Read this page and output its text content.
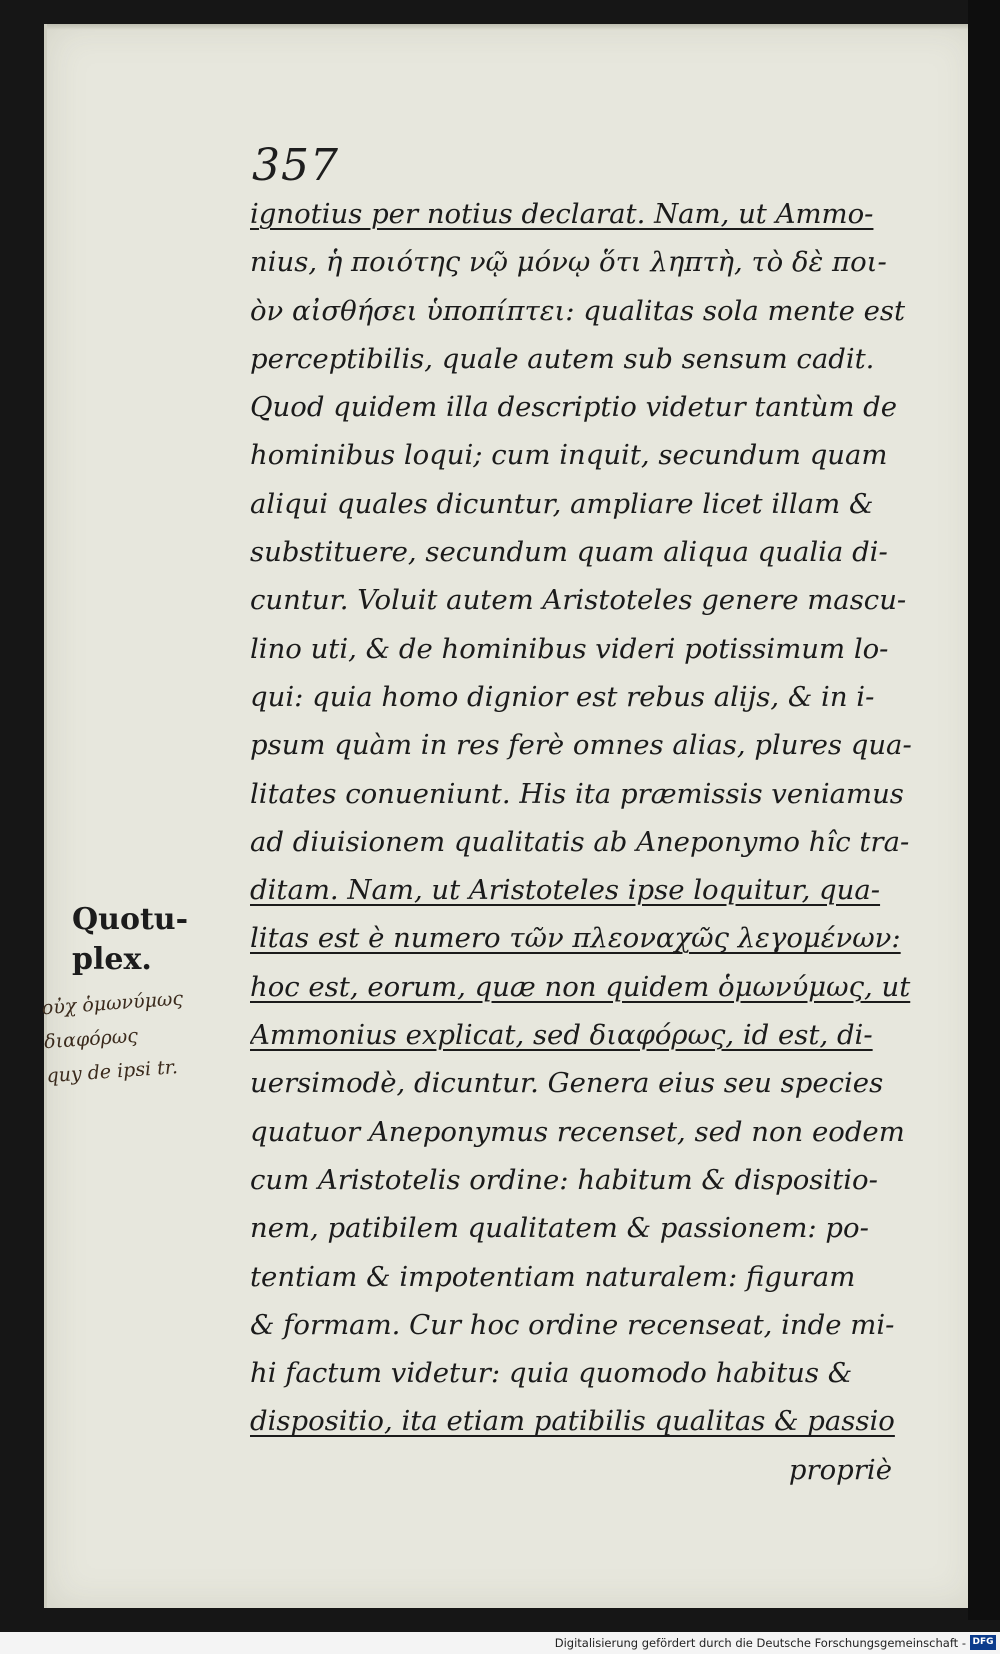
357
ignotius per notius declarat. Nam, ut Ammo-
nius, ἡ ποιότης νῷ μόνῳ ὅτι ληπτὴ, τὸ δὲ ποι-
ὸν αἰσθήσει ὑποπίπτει: qualitas sola mente est
perceptibilis, quale autem sub sensum cadit.
Quod quidem illa descriptio videtur tantùm de
hominibus loqui; cum inquit, secundum quam
aliqui quales dicuntur, ampliare licet illam &
substituere, secundum quam aliqua qualia di-
cuntur. Voluit autem Aristoteles genere mascu-
lino uti, & de hominibus videri potissimum lo-
qui: quia homo dignior est rebus alijs, & in i-
psum quàm in res ferè omnes alias, plures qua-
litates conueniunt. His ita præmissis veniamus
ad diuisionem qualitatis ab Aneponymo hîc tra-
ditam. Nam, ut Aristoteles ipse loquitur, qua-
litas est è numero τῶν πλεοναχῶς λεγομένων:
hoc est, eorum, quæ non quidem ὁμωνύμως, ut
Ammonius explicat, sed διαφόρως, id est, di-
uersimodè, dicuntur. Genera eius seu species
quatuor Aneponymus recenset, sed non eodem
cum Aristotelis ordine: habitum & dispositio-
nem, patibilem qualitatem & passionem: po-
tentiam & impotentiam naturalem: figuram
& formam. Cur hoc ordine recenseat, inde mi-
hi factum videtur: quia quomodo habitus &
dispositio, ita etiam patibilis qualitas & passio
propriè
Quotu-
plex.
οὐχ ὁμωνύμως
διαφόρως
quy de ipsi tr.
Digitalisierung gefördert durch die Deutsche Forschungsgemeinschaft - DFG
